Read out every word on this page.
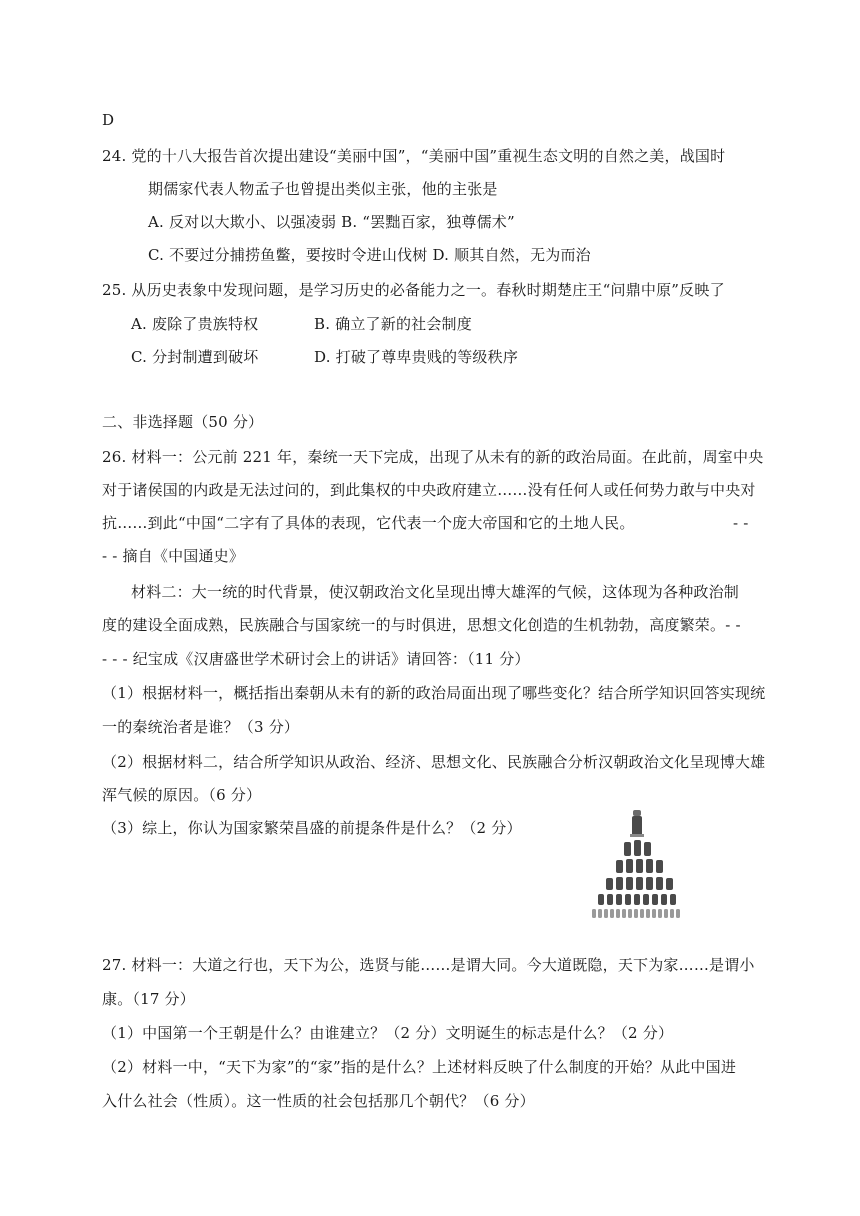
D
24. 党的十八大报告首次提出建设“美丽中国”，“美丽中国”重视生态文明的自然之美，战国时
期儒家代表人物孟子也曾提出类似主张，他的主张是
A. 反对以大欺小、以强凌弱 B. “罢黜百家，独尊儒术”
C. 不要过分捕捞鱼鳖，要按时令进山伐树 D. 顺其自然，无为而治
25. 从历史表象中发现问题，是学习历史的必备能力之一。春秋时期楚庄王“问鼎中原”反映了
A. 废除了贵族特权	B. 确立了新的社会制度
C. 分封制遭到破坏	D. 打破了尊卑贵贱的等级秩序
二、非选择题（50 分）
26. 材料一：公元前 221 年，秦统一天下完成，出现了从未有的新的政治局面。在此前，周室中央
对于诸侯国的内政是无法过问的，到此集权的中央政府建立……没有任何人或任何势力敢与中央对
抗……到此“中国“二字有了具体的表现，它代表一个庞大帝国和它的土地人民。	- -
- - 摘自《中国通史》
材料二：大一统的时代背景，使汉朝政治文化呈现出博大雄浑的气候，这体现为各种政治制
度的建设全面成熟，民族融合与国家统一的与时俱进，思想文化创造的生机勃勃，高度繁荣。- -
- - - 纪宝成《汉唐盛世学术研讨会上的讲话》请回答：（11 分）
（1）根据材料一，概括指出秦朝从未有的新的政治局面出现了哪些变化？结合所学知识回答实现统
一的秦统治者是谁？（3 分）
（2）根据材料二，结合所学知识从政治、经济、思想文化、民族融合分析汉朝政治文化呈现博大雄
浑气候的原因。（6 分）
（3）综上，你认为国家繁荣昌盛的前提条件是什么？（2 分）
27. 材料一：大道之行也，天下为公，选贤与能……是谓大同。今大道既隐，天下为家……是谓小
康。（17 分）
（1）中国第一个王朝是什么？由谁建立？（2 分）文明诞生的标志是什么？（2 分）
（2）材料一中，“天下为家”的“家”指的是什么？上述材料反映了什么制度的开始？从此中国进
入什么社会（性质）。这一性质的社会包括那几个朝代？（6 分）
